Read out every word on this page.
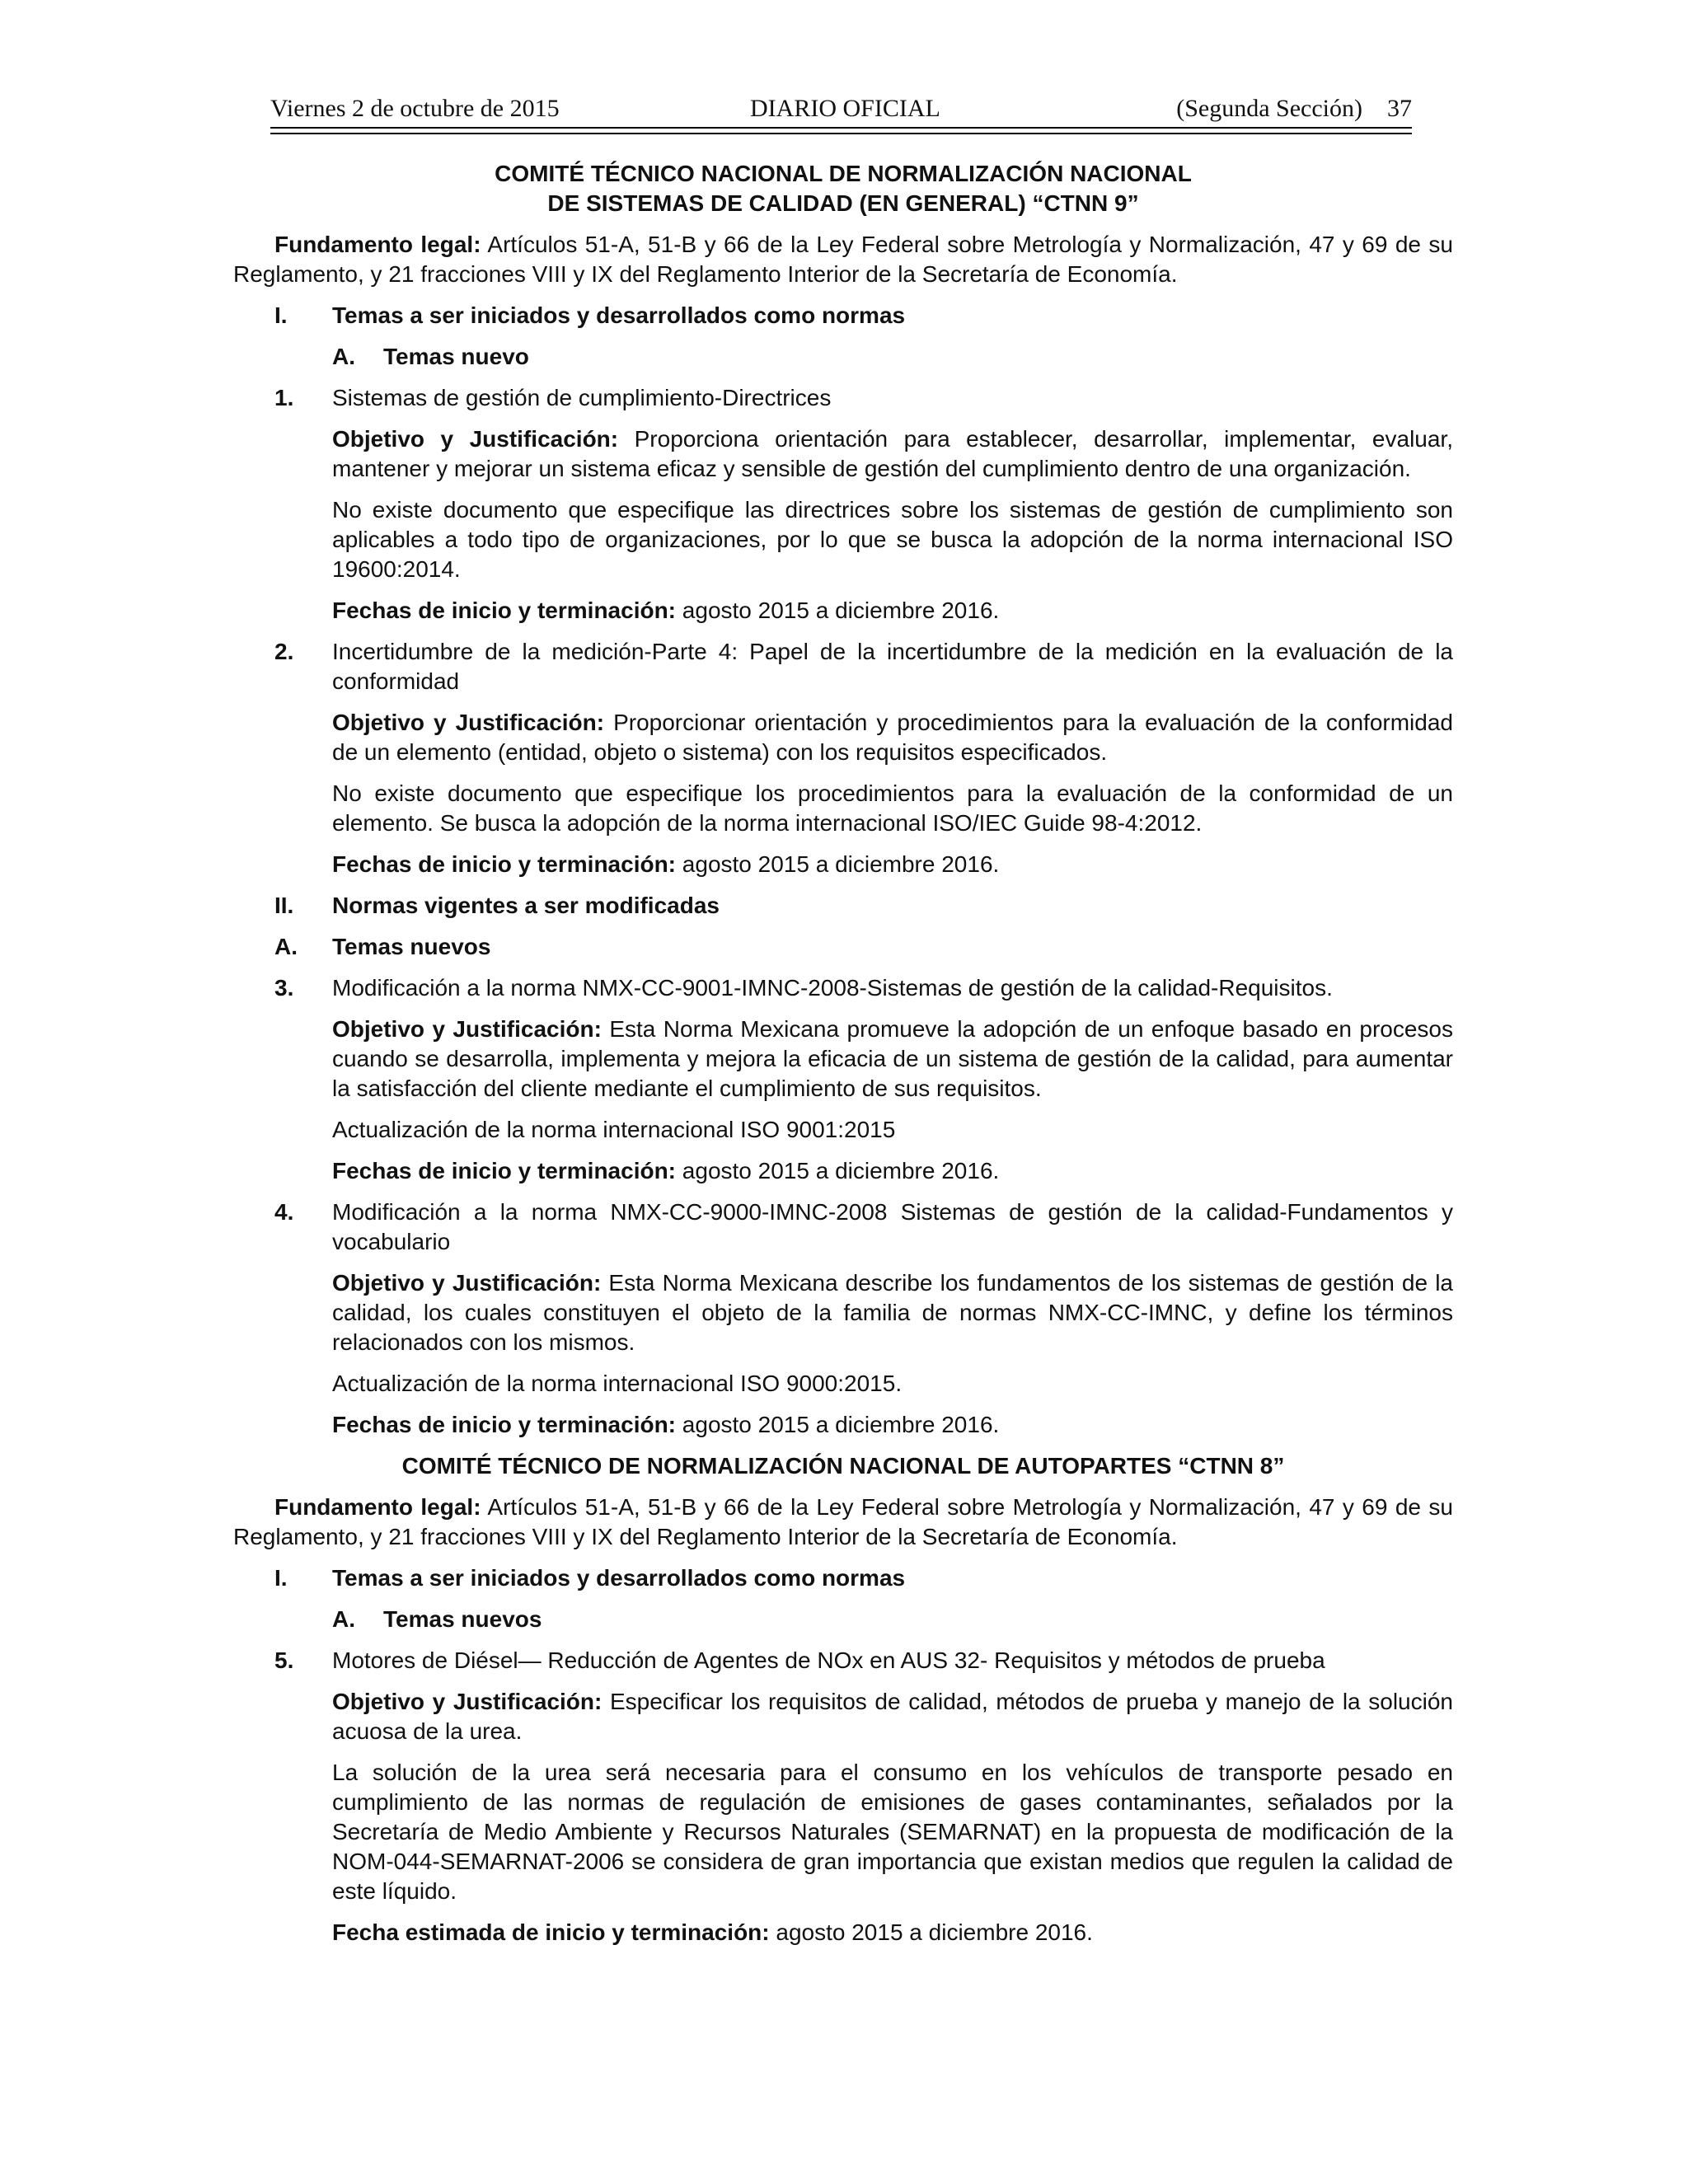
Viernes 2 de octubre de 2015	DIARIO OFICIAL	(Segunda Sección) 37
COMITÉ TÉCNICO NACIONAL DE NORMALIZACIÓN NACIONAL
DE SISTEMAS DE CALIDAD (EN GENERAL) “CTNN 9”

Fundamento legal: Artículos 51-A, 51-B y 66 de la Ley Federal sobre Metrología y Normalización, 47 y 69 de su Reglamento, y 21 fracciones VIII y IX del Reglamento Interior de la Secretaría de Economía.

I.	Temas a ser iniciados y desarrollados como normas
A.	Temas nuevo
1.	Sistemas de gestión de cumplimiento-Directrices

Objetivo y Justificación: Proporciona orientación para establecer, desarrollar, implementar, evaluar, mantener y mejorar un sistema eficaz y sensible de gestión del cumplimiento dentro de una organización.

No existe documento que especifique las directrices sobre los sistemas de gestión de cumplimiento son aplicables a todo tipo de organizaciones, por lo que se busca la adopción de la norma internacional ISO 19600:2014.

Fechas de inicio y terminación: agosto 2015 a diciembre 2016.

2.	Incertidumbre de la medición-Parte 4: Papel de la incertidumbre de la medición en la evaluación de la conformidad

Objetivo y Justificación: Proporcionar orientación y procedimientos para la evaluación de la conformidad de un elemento (entidad, objeto o sistema) con los requisitos especificados.

No existe documento que especifique los procedimientos para la evaluación de la conformidad de un elemento. Se busca la adopción de la norma internacional ISO/IEC Guide 98-4:2012.

Fechas de inicio y terminación: agosto 2015 a diciembre 2016.

II.	Normas vigentes a ser modificadas
A.	Temas nuevos
3.	Modificación a la norma NMX-CC-9001-IMNC-2008-Sistemas de gestión de la calidad-Requisitos.

Objetivo y Justificación: Esta Norma Mexicana promueve la adopción de un enfoque basado en procesos cuando se desarrolla, implementa y mejora la eficacia de un sistema de gestión de la calidad, para aumentar la satisfacción del cliente mediante el cumplimiento de sus requisitos.

Actualización de la norma internacional ISO 9001:2015

Fechas de inicio y terminación: agosto 2015 a diciembre 2016.

4.	Modificación a la norma NMX-CC-9000-IMNC-2008 Sistemas de gestión de la calidad-Fundamentos y vocabulario

Objetivo y Justificación: Esta Norma Mexicana describe los fundamentos de los sistemas de gestión de la calidad, los cuales constituyen el objeto de la familia de normas NMX-CC-IMNC, y define los términos relacionados con los mismos.

Actualización de la norma internacional ISO 9000:2015.

Fechas de inicio y terminación: agosto 2015 a diciembre 2016.

COMITÉ TÉCNICO DE NORMALIZACIÓN NACIONAL DE AUTOPARTES “CTNN 8”

Fundamento legal: Artículos 51-A, 51-B y 66 de la Ley Federal sobre Metrología y Normalización, 47 y 69 de su Reglamento, y 21 fracciones VIII y IX del Reglamento Interior de la Secretaría de Economía.

I.	Temas a ser iniciados y desarrollados como normas
A.	Temas nuevos
5.	Motores de Diésel— Reducción de Agentes de NOx en AUS 32- Requisitos y métodos de prueba

Objetivo y Justificación: Especificar los requisitos de calidad, métodos de prueba y manejo de la solución acuosa de la urea.

La solución de la urea será necesaria para el consumo en los vehículos de transporte pesado en cumplimiento de las normas de regulación de emisiones de gases contaminantes, señalados por la Secretaría de Medio Ambiente y Recursos Naturales (SEMARNAT) en la propuesta de modificación de la NOM-044-SEMARNAT-2006 se considera de gran importancia que existan medios que regulen la calidad de este líquido.

Fecha estimada de inicio y terminación: agosto 2015 a diciembre 2016.
